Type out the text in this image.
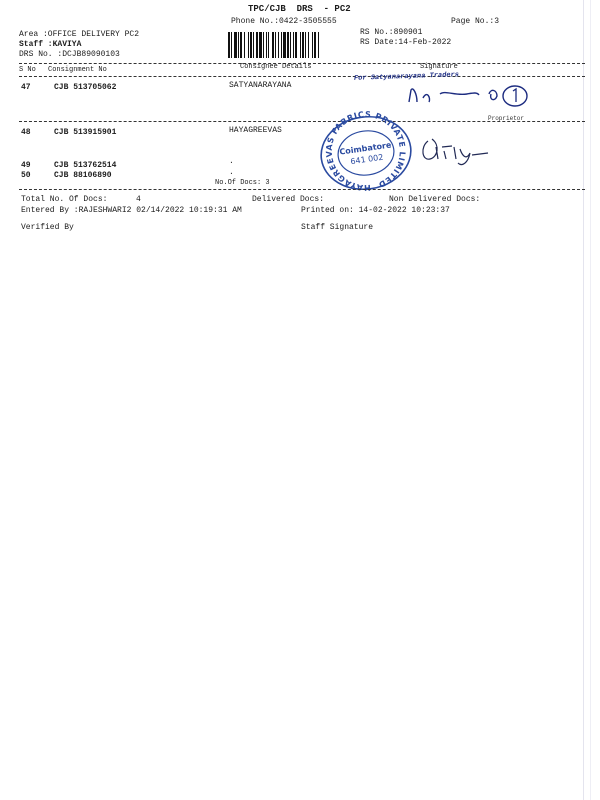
TPC/CJB  DRS  - PC2
Phone No.:0422-3505555	Page No.:3
Area :OFFICE DELIVERY PC2
Staff :KAVIYA
DRS No. :DCJB89090103
RS No.:890901
RS Date:14-Feb-2022
S No Consignment No	Consignee Details	Signature
47	CJB 513705062	SATYANARAYANA
For Satyanarayana Traders
Proprietor
48	CJB 513915901	HAYAGREEVAS
HAYAGREEVAS FABRICS PRIVATE LIMITED
Coimbatore
641 002
49	CJB 513762514	.
50	CJB 88106890	.
No.Of Docs: 3
Total No. Of Docs:	4	Delivered Docs:	Non Delivered Docs:
Entered By :RAJESHWARI2 02/14/2022 10:19:31 AM	Printed on: 14-02-2022 10:23:37
Verified By	Staff Signature
